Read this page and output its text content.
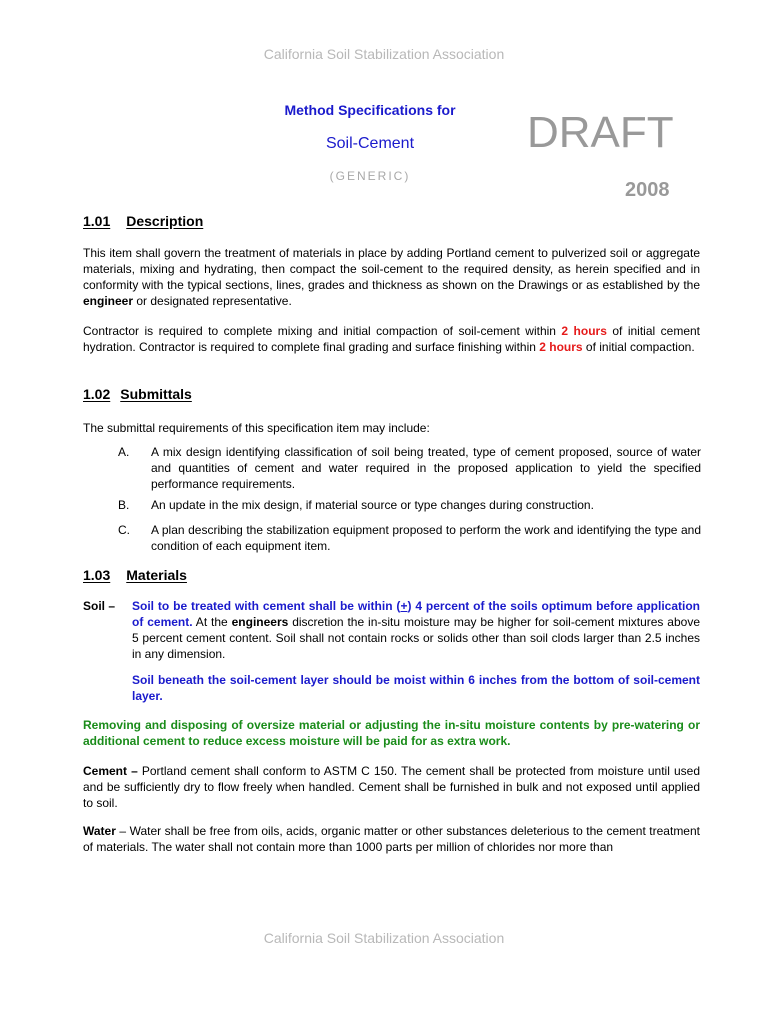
California Soil Stabilization Association
Method Specifications for
Soil-Cement
(GENERIC)
DRAFT
2008
1.01 Description
This item shall govern the treatment of materials in place by adding Portland cement to pulverized soil or aggregate materials, mixing and hydrating, then compact the soil-cement to the required density, as herein specified and in conformity with the typical sections, lines, grades and thickness as shown on the Drawings or as established by the engineer or designated representative.
Contractor is required to complete mixing and initial compaction of soil-cement within 2 hours of initial cement hydration. Contractor is required to complete final grading and surface finishing within 2 hours of initial compaction.
1.02 Submittals
The submittal requirements of this specification item may include:
A. A mix design identifying classification of soil being treated, type of cement proposed, source of water and quantities of cement and water required in the proposed application to yield the specified performance requirements.
B. An update in the mix design, if material source or type changes during construction.
C. A plan describing the stabilization equipment proposed to perform the work and identifying the type and condition of each equipment item.
1.03 Materials
Soil – Soil to be treated with cement shall be within (+) 4 percent of the soils optimum before application of cement. At the engineers discretion the in-situ moisture may be higher for soil-cement mixtures above 5 percent cement content. Soil shall not contain rocks or solids other than soil clods larger than 2.5 inches in any dimension.
Soil beneath the soil-cement layer should be moist within 6 inches from the bottom of soil-cement layer.
Removing and disposing of oversize material or adjusting the in-situ moisture contents by pre-watering or additional cement to reduce excess moisture will be paid for as extra work.
Cement – Portland cement shall conform to ASTM C 150. The cement shall be protected from moisture until used and be sufficiently dry to flow freely when handled. Cement shall be furnished in bulk and not exposed until applied to soil.
Water – Water shall be free from oils, acids, organic matter or other substances deleterious to the cement treatment of materials. The water shall not contain more than 1000 parts per million of chlorides nor more than
California Soil Stabilization Association
